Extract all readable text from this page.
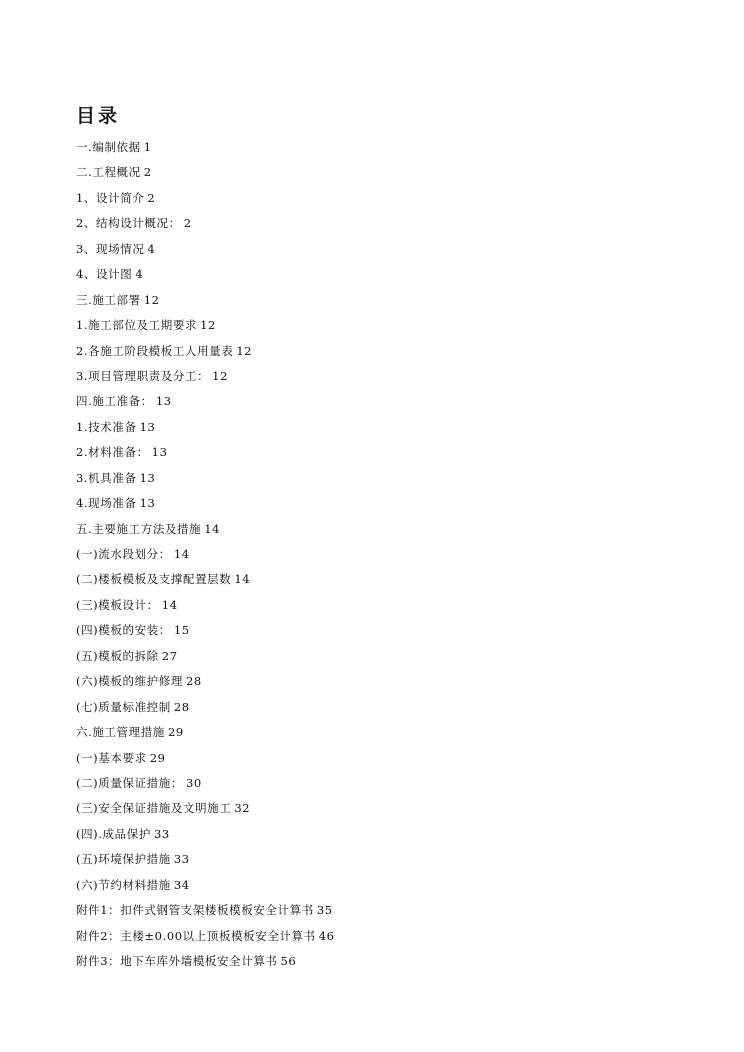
目录
一.编制依据 1
二.工程概况 2
1、设计简介 2
2、结构设计概况： 2
3、现场情况 4
4、设计图 4
三.施工部署 12
1.施工部位及工期要求 12
2.各施工阶段模板工人用量表 12
3.项目管理职责及分工： 12
四.施工准备： 13
1.技术准备 13
2.材料准备： 13
3.机具准备 13
4.现场准备 13
五.主要施工方法及措施 14
(一)流水段划分： 14
(二)楼板模板及支撑配置层数 14
(三)模板设计： 14
(四)模板的安装： 15
(五)模板的拆除 27
(六)模板的维护修理 28
(七)质量标准控制 28
六.施工管理措施 29
(一)基本要求 29
(二)质量保证措施： 30
(三)安全保证措施及文明施工 32
(四).成品保护 33
(五)环境保护措施 33
(六)节约材料措施 34
附件1：扣件式钢管支架楼板模板安全计算书 35
附件2：主楼±0.00以上顶板模板安全计算书 46
附件3：地下车库外墙模板安全计算书 56
